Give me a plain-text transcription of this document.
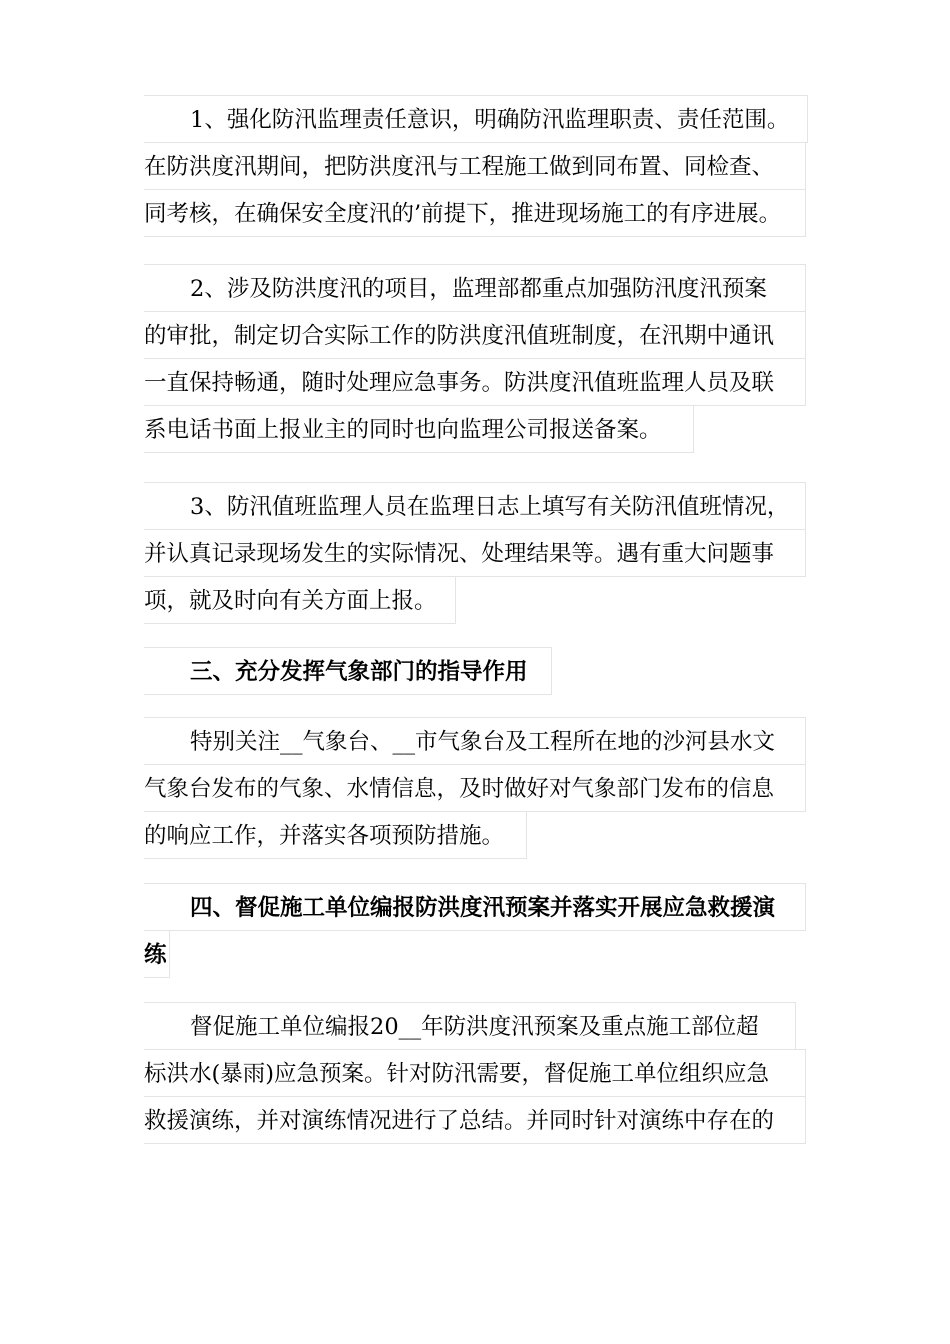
1、强化防汛监理责任意识，明确防汛监理职责、责任范围。
在防洪度汛期间，把防洪度汛与工程施工做到同布置、同检查、
同考核，在确保安全度汛的’前提下，推进现场施工的有序进展。
2、涉及防洪度汛的项目，监理部都重点加强防汛度汛预案
的审批，制定切合实际工作的防洪度汛值班制度，在汛期中通讯
一直保持畅通，随时处理应急事务。防洪度汛值班监理人员及联
系电话书面上报业主的同时也向监理公司报送备案。
3、防汛值班监理人员在监理日志上填写有关防汛值班情况，
并认真记录现场发生的实际情况、处理结果等。遇有重大问题事
项，就及时向有关方面上报。
三、充分发挥气象部门的指导作用
特别关注__气象台、__市气象台及工程所在地的沙河县水文
气象台发布的气象、水情信息，及时做好对气象部门发布的信息
的响应工作，并落实各项预防措施。
四、督促施工单位编报防洪度汛预案并落实开展应急救援演
练
督促施工单位编报20__年防洪度汛预案及重点施工部位超
标洪水(暴雨)应急预案。针对防汛需要，督促施工单位组织应急
救援演练，并对演练情况进行了总结。并同时针对演练中存在的
